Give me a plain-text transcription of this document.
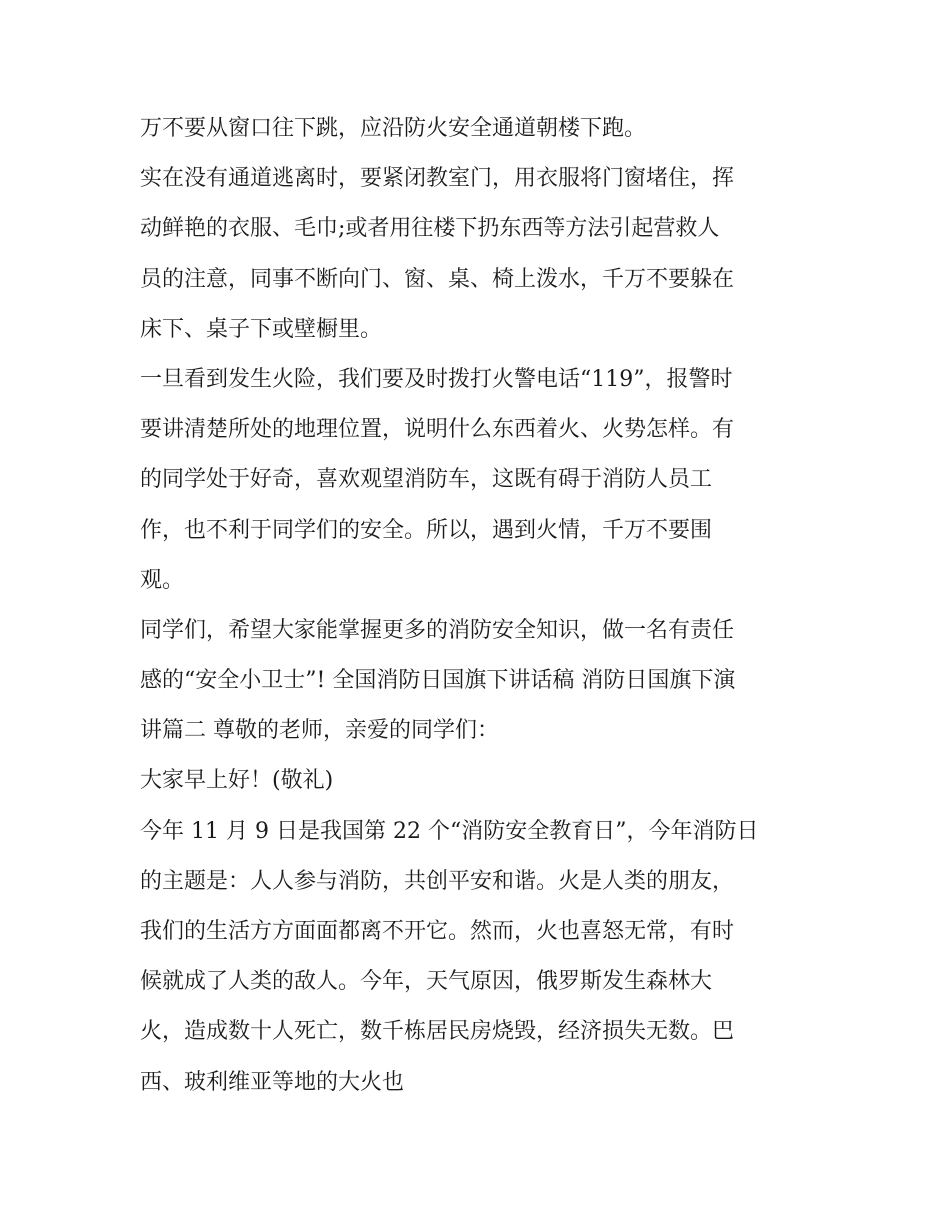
万不要从窗口往下跳，应沿防火安全通道朝楼下跑。
实在没有通道逃离时，要紧闭教室门，用衣服将门窗堵住，挥
动鲜艳的衣服、毛巾;或者用往楼下扔东西等方法引起营救人
员的注意，同事不断向门、窗、桌、椅上泼水，千万不要躲在
床下、桌子下或壁橱里。
一旦看到发生火险，我们要及时拨打火警电话“119”，报警时
要讲清楚所处的地理位置，说明什么东西着火、火势怎样。有
的同学处于好奇，喜欢观望消防车，这既有碍于消防人员工
作，也不利于同学们的安全。所以，遇到火情，千万不要围
观。
同学们，希望大家能掌握更多的消防安全知识，做一名有责任
感的“安全小卫士”! 全国消防日国旗下讲话稿 消防日国旗下演
讲篇二 尊敬的老师，亲爱的同学们：
大家早上好！(敬礼)
今年 11 月 9 日是我国第 22 个“消防安全教育日”，今年消防日
的主题是：人人参与消防，共创平安和谐。火是人类的朋友，
我们的生活方方面面都离不开它。然而，火也喜怒无常，有时
候就成了人类的敌人。今年，天气原因，俄罗斯发生森林大
火，造成数十人死亡，数千栋居民房烧毁，经济损失无数。巴
西、玻利维亚等地的大火也
